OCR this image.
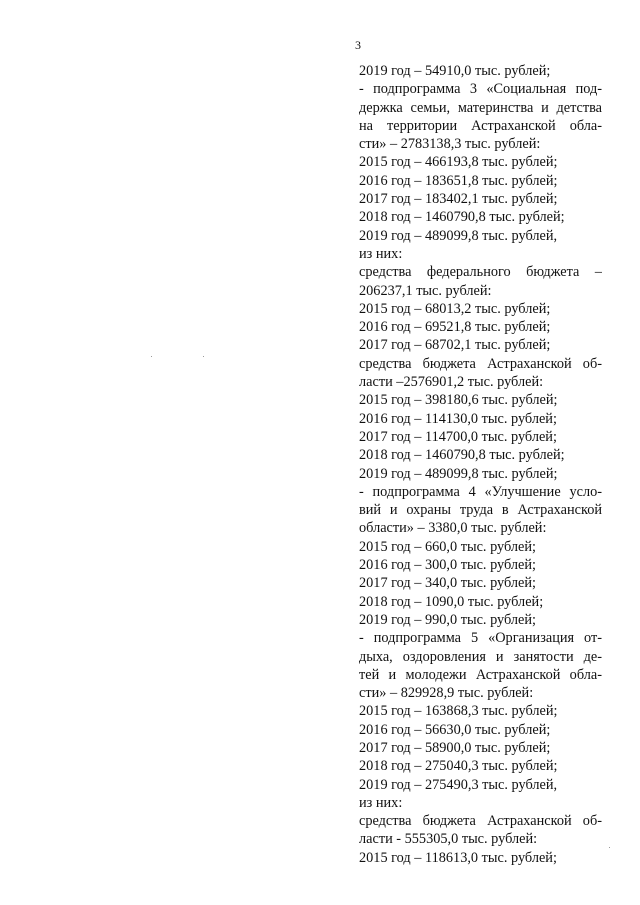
3
2019 год – 54910,0 тыс. рублей;
- подпрограмма 3 «Социальная под-
держка семьи, материнства и детства
на территории Астраханской обла-
сти» – 2783138,3 тыс. рублей:
2015 год – 466193,8 тыс. рублей;
2016 год – 183651,8 тыс. рублей;
2017 год – 183402,1 тыс. рублей;
2018 год – 1460790,8 тыс. рублей;
2019 год – 489099,8 тыс. рублей,
из них:
средства федерального бюджета –
206237,1 тыс. рублей:
2015 год – 68013,2 тыс. рублей;
2016 год – 69521,8 тыс. рублей;
2017 год – 68702,1 тыс. рублей;
средства бюджета Астраханской об-
ласти –2576901,2 тыс. рублей:
2015 год – 398180,6 тыс. рублей;
2016 год – 114130,0 тыс. рублей;
2017 год – 114700,0 тыс. рублей;
2018 год – 1460790,8 тыс. рублей;
2019 год – 489099,8 тыс. рублей;
- подпрограмма 4 «Улучшение усло-
вий и охраны труда в Астраханской
области» – 3380,0 тыс. рублей:
2015 год – 660,0 тыс. рублей;
2016 год – 300,0 тыс. рублей;
2017 год – 340,0 тыс. рублей;
2018 год – 1090,0 тыс. рублей;
2019 год – 990,0 тыс. рублей;
- подпрограмма 5 «Организация от-
дыха, оздоровления и занятости де-
тей и молодежи Астраханской обла-
сти» – 829928,9 тыс. рублей:
2015 год – 163868,3 тыс. рублей;
2016 год – 56630,0 тыс. рублей;
2017 год – 58900,0 тыс. рублей;
2018 год – 275040,3 тыс. рублей;
2019 год – 275490,3 тыс. рублей,
из них:
средства бюджета Астраханской об-
ласти - 555305,0 тыс. рублей:
2015 год – 118613,0 тыс. рублей;
